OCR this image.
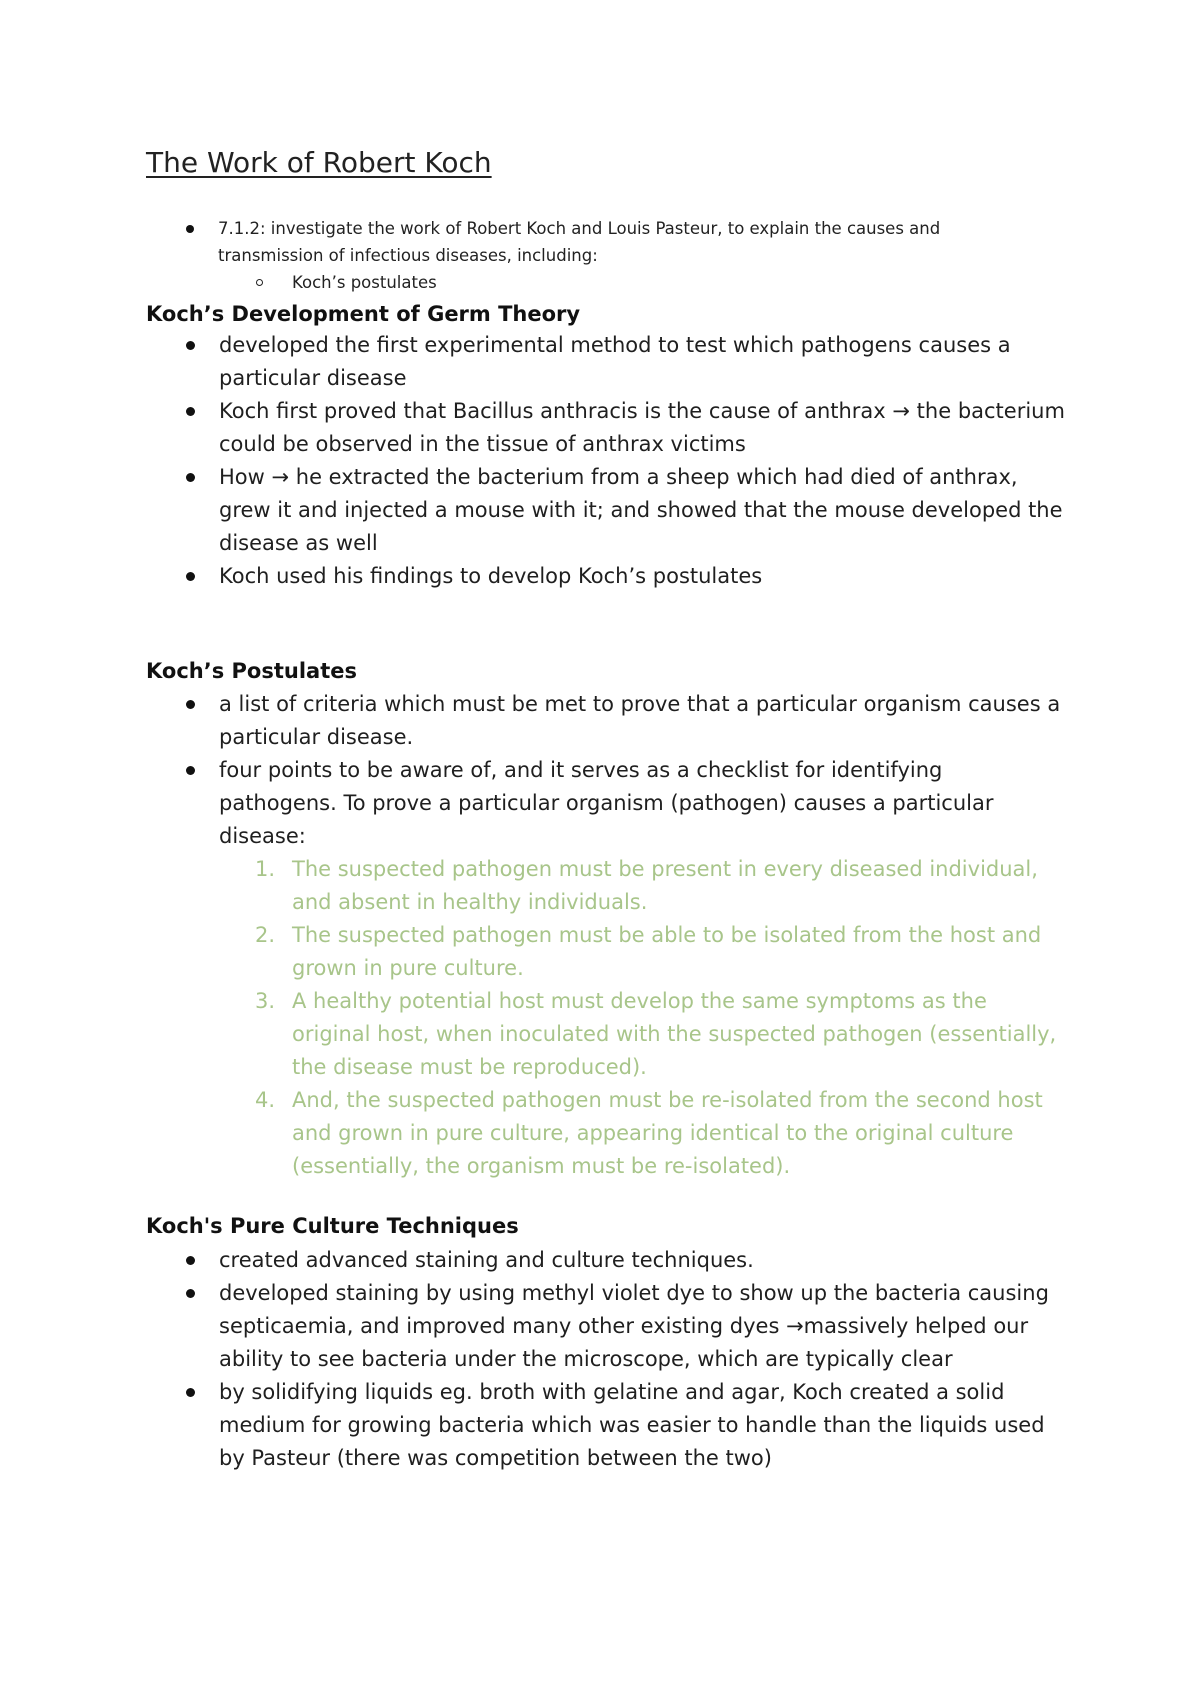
The Work of Robert Koch
7.1.2: investigate the work of Robert Koch and Louis Pasteur, to explain the causes and
transmission of infectious diseases, including:
Koch’s postulates
Koch’s Development of Germ Theory
developed the first experimental method to test which pathogens causes a particular disease
Koch first proved that Bacillus anthracis is the cause of anthrax → the bacterium could be observed in the tissue of anthrax victims
How → he extracted the bacterium from a sheep which had died of anthrax, grew it and injected a mouse with it; and showed that the mouse developed the disease as well
Koch used his findings to develop Koch’s postulates
Koch’s Postulates
a list of criteria which must be met to prove that a particular organism causes a particular disease.
four points to be aware of, and it serves as a checklist for identifying pathogens. To prove a particular organism (pathogen) causes a particular disease:
1. The suspected pathogen must be present in every diseased individual, and absent in healthy individuals.
2. The suspected pathogen must be able to be isolated from the host and grown in pure culture.
3. A healthy potential host must develop the same symptoms as the original host, when inoculated with the suspected pathogen (essentially, the disease must be reproduced).
4. And, the suspected pathogen must be re-isolated from the second host and grown in pure culture, appearing identical to the original culture (essentially, the organism must be re-isolated).
Koch's Pure Culture Techniques
created advanced staining and culture techniques.
developed staining by using methyl violet dye to show up the bacteria causing septicaemia, and improved many other existing dyes →massively helped our ability to see bacteria under the microscope, which are typically clear
by solidifying liquids eg. broth with gelatine and agar, Koch created a solid medium for growing bacteria which was easier to handle than the liquids used by Pasteur (there was competition between the two)
